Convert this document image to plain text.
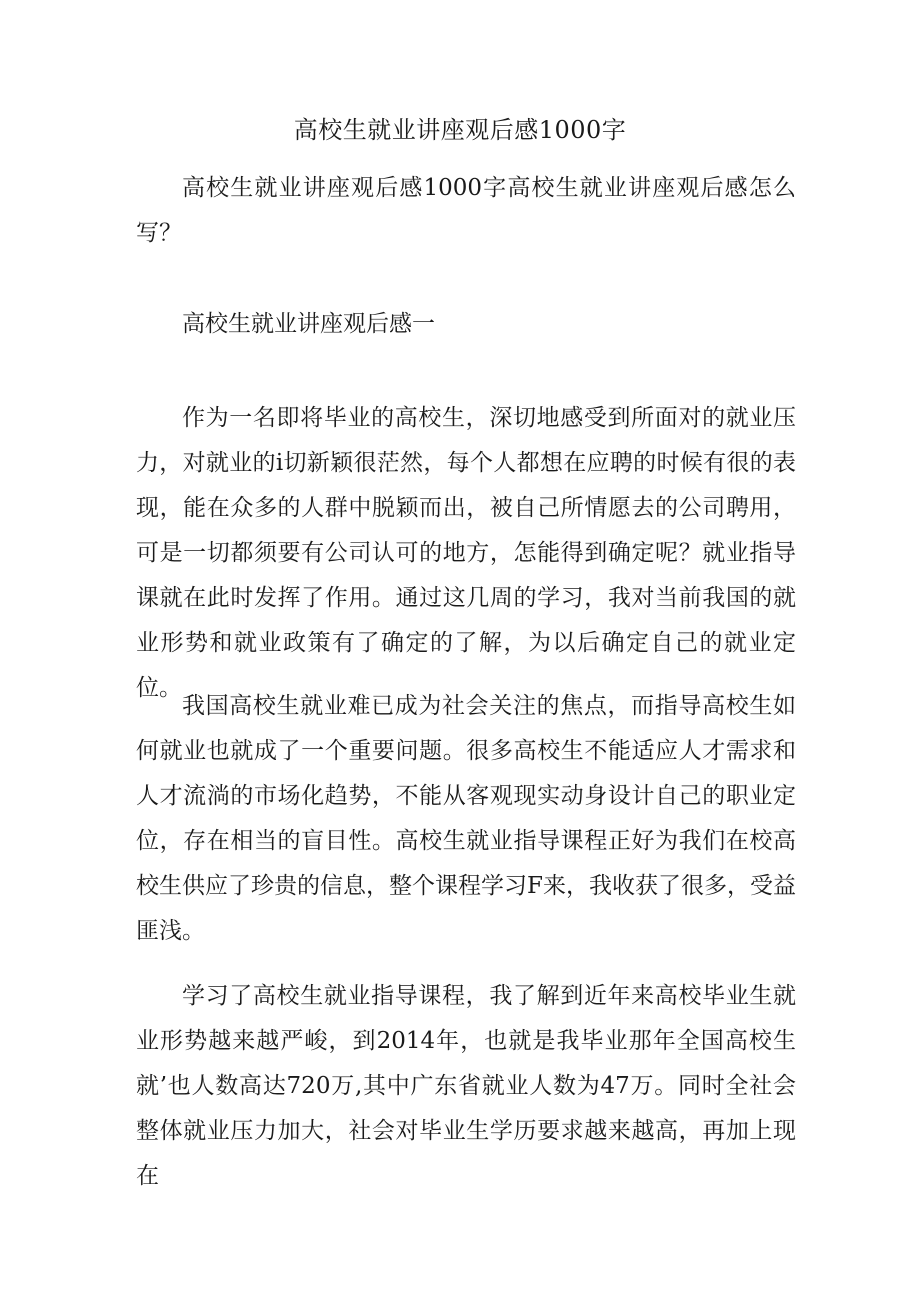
高校生就业讲座观后感1000字

高校生就业讲座观后感1000字高校生就业讲座观后感怎么写？

高校生就业讲座观后感一

作为一名即将毕业的高校生，深切地感受到所面对的就业压力，对就业的i切新颖很茫然，每个人都想在应聘的时候有很的表现，能在众多的人群中脱颖而出，被自己所情愿去的公司聘用，可是一切都须要有公司认可的地方，怎能得到确定呢？就业指导课就在此时发挥了作用。通过这几周的学习，我对当前我国的就业形势和就业政策有了确定的了解，为以后确定自己的就业定位。

我国高校生就业难已成为社会关注的焦点，而指导高校生如何就业也就成了一个重要问题。很多高校生不能适应人才需求和人才流淌的市场化趋势，不能从客观现实动身设计自己的职业定位，存在相当的盲目性。高校生就业指导课程正好为我们在校高校生供应了珍贵的信息，整个课程学习F来，我收获了很多，受益匪浅。

学习了高校生就业指导课程，我了解到近年来高校毕业生就业形势越来越严峻，到2014年，也就是我毕业那年全国高校生就’也人数高达720万,其中广东省就业人数为47万。同时全社会整体就业压力加大，社会对毕业生学历要求越来越高，再加上现在
